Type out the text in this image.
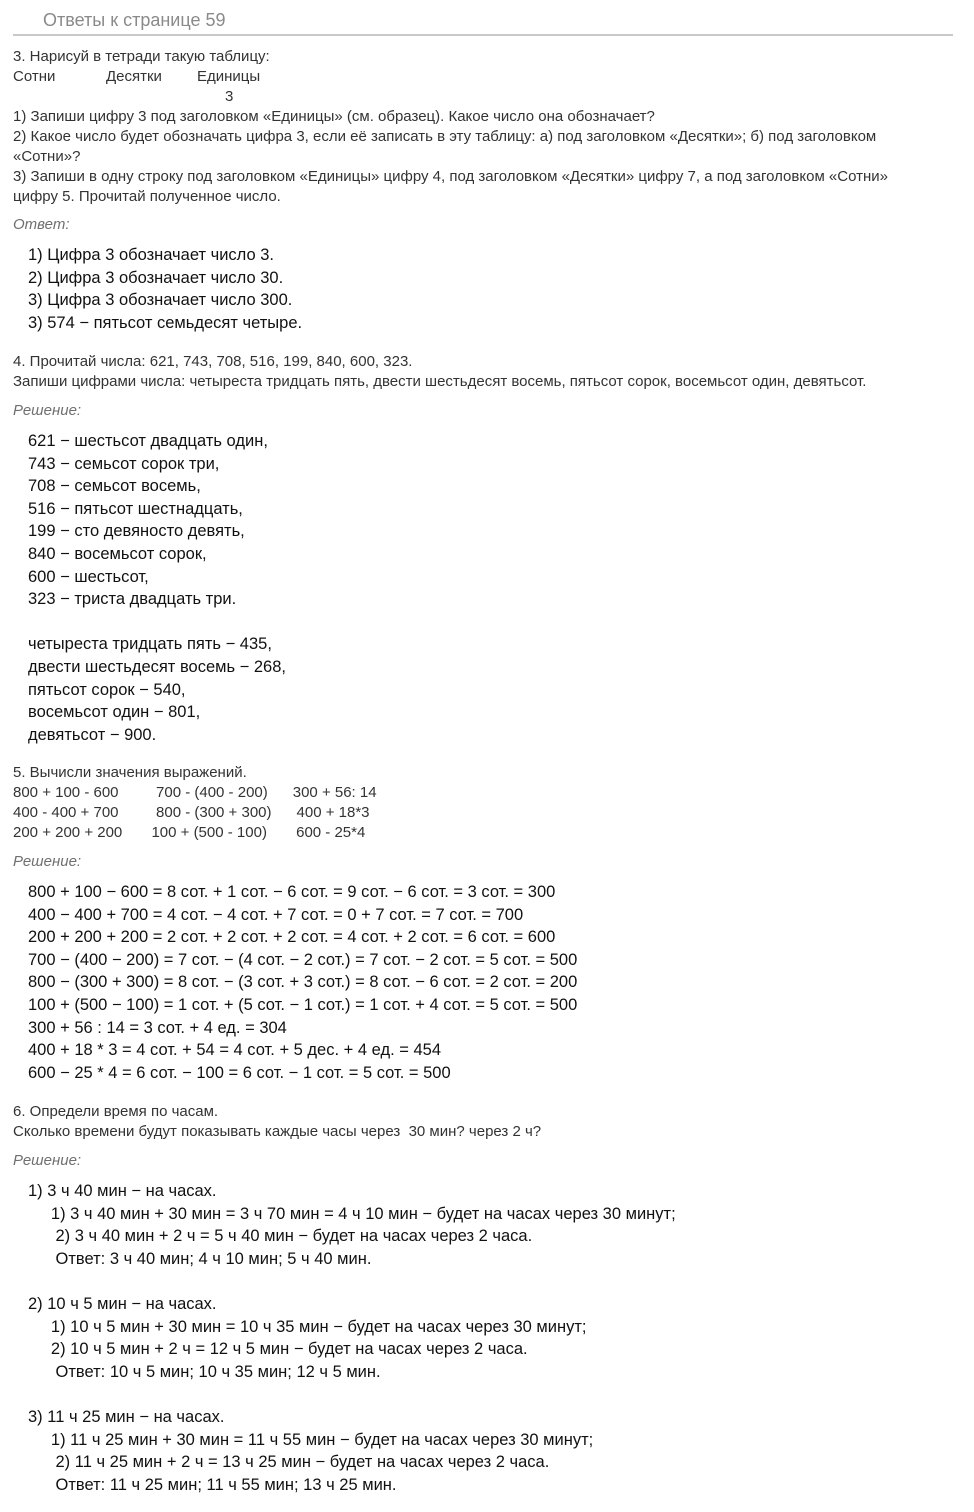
Ответы к странице 59

3. Нарисуй в тетради такую таблицу:

Сотни	Десятки Единицы
3

1) Запиши цифру 3 под заголовком «Единицы» (см. образец). Какое число она обозначает?

2) Какое число будет обозначать цифра 3, если её записать в эту таблицу: а) под заголовком «Десятки»; б) под заголовком

«Сотни»?

3) Запиши в одну строку под заголовком «Единицы» цифру 4, под заголовком «Десятки» цифру 7, а под заголовком «Сотни»

цифру 5. Прочитай полученное число.

Ответ:

1) Цифра 3 обозначает число 3.

2) Цифра 3 обозначает число 30.

3) Цифра 3 обозначает число 300.

3) 574 − пятьсот семьдесят четыре.

4. Прочитай числа: 621, 743, 708, 516, 199, 840, 600, 323.

Запиши цифрами числа: четыреста тридцать пять, двести шестьдесят восемь, пятьсот сорок, восемьсот один, девятьсот.

Решение:

621 − шестьсот двадцать один,

743 − семьсот сорок три,

708 − семьсот восемь,

516 − пятьсот шестнадцать,

199 − сто девяносто девять,

840 − восемьсот сорок,

600 − шестьсот,

323 − триста двадцать три.

четыреста тридцать пять − 435,

двести шестьдесят восемь − 268,

пятьсот сорок − 540,

восемьсот один − 801,

девятьсот − 900.

5. Вычисли значения выражений.

800 + 100 - 600         700 - (400 - 200)      300 + 56: 14

400 - 400 + 700         800 - (300 + 300)      400 + 18*3

200 + 200 + 200       100 + (500 - 100)       600 - 25*4

Решение:

800 + 100 − 600 = 8 сот. + 1 сот. − 6 сот. = 9 сот. − 6 сот. = 3 сот. = 300

400 − 400 + 700 = 4 сот. − 4 сот. + 7 сот. = 0 + 7 сот. = 7 сот. = 700

200 + 200 + 200 = 2 сот. + 2 сот. + 2 сот. = 4 сот. + 2 сот. = 6 сот. = 600

700 − (400 − 200) = 7 сот. − (4 сот. − 2 сот.) = 7 сот. − 2 сот. = 5 сот. = 500

800 − (300 + 300) = 8 сот. − (3 сот. + 3 сот.) = 8 сот. − 6 сот. = 2 сот. = 200

100 + (500 − 100) = 1 сот. + (5 сот. − 1 сот.) = 1 сот. + 4 сот. = 5 сот. = 500

300 + 56 : 14 = 3 сот. + 4 ед. = 304

400 + 18 * 3 = 4 сот. + 54 = 4 сот. + 5 дес. + 4 ед. = 454

600 − 25 * 4 = 6 сот. − 100 = 6 сот. − 1 сот. = 5 сот. = 500

6. Определи время по часам.

Сколько времени будут показывать каждые часы через  30 мин? через 2 ч?

Решение:

1) 3 ч 40 мин − на часах.

1) 3 ч 40 мин + 30 мин = 3 ч 70 мин = 4 ч 10 мин − будет на часах через 30 минут;

2) 3 ч 40 мин + 2 ч = 5 ч 40 мин − будет на часах через 2 часа.

Ответ: 3 ч 40 мин; 4 ч 10 мин; 5 ч 40 мин.

2) 10 ч 5 мин − на часах.

1) 10 ч 5 мин + 30 мин = 10 ч 35 мин − будет на часах через 30 минут;

2) 10 ч 5 мин + 2 ч = 12 ч 5 мин − будет на часах через 2 часа.

Ответ: 10 ч 5 мин; 10 ч 35 мин; 12 ч 5 мин.

3) 11 ч 25 мин − на часах.

1) 11 ч 25 мин + 30 мин = 11 ч 55 мин − будет на часах через 30 минут;

2) 11 ч 25 мин + 2 ч = 13 ч 25 мин − будет на часах через 2 часа.

Ответ: 11 ч 25 мин; 11 ч 55 мин; 13 ч 25 мин.
